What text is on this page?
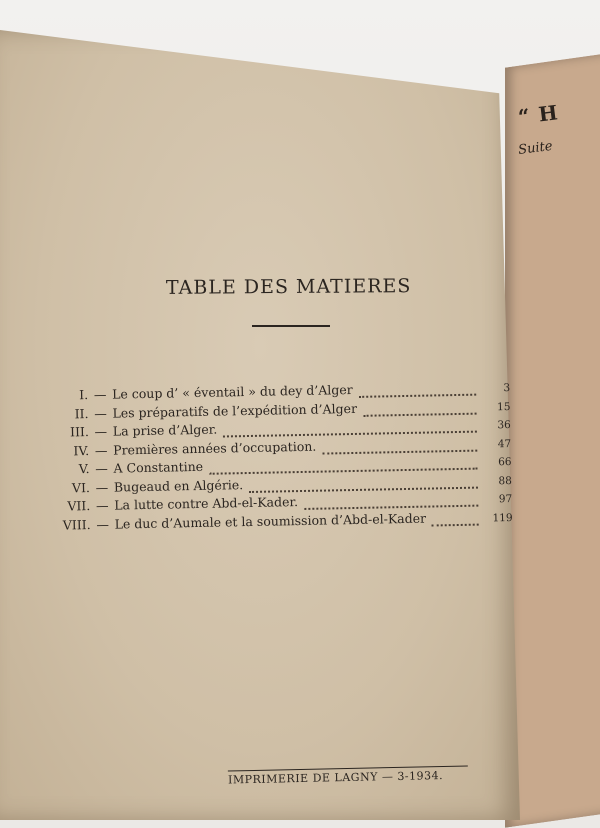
“ H
Suite
TABLE DES MATIERES
I. — Le coup d’ « éventail » du dey d’Alger	3
II. — Les préparatifs de l’expédition d’Alger	15
III. — La prise d’Alger.	36
IV. — Premières années d’occupation.	47
V. — A Constantine	66
VI. — Bugeaud en Algérie.	88
VII. — La lutte contre Abd-el-Kader.	97
VIII. — Le duc d’Aumale et la soumission d’Abd-el-Kader	119
IMPRIMERIE DE LAGNY — 3-1934.
